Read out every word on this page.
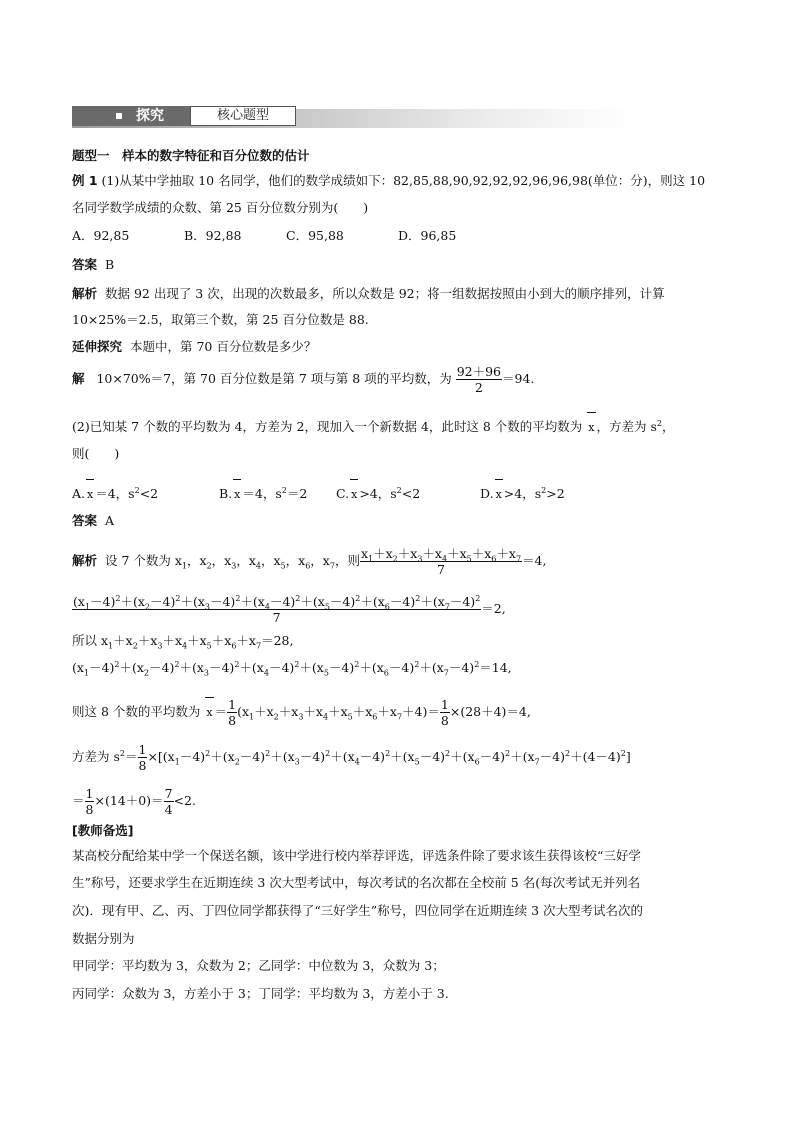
探究	核心题型
题型一　样本的数字特征和百分位数的估计
例 1 (1)从某中学抽取 10 名同学，他们的数学成绩如下：82,85,88,90,92,92,92,96,96,98(单位：分)，则这 10
名同学数学成绩的众数、第 25 百分位数分别为(　　)
A．92,85	B．92,88	C．95,88	D．96,85
答案 B
解析 数据 92 出现了 3 次，出现的次数最多，所以众数是 92；将一组数据按照由小到大的顺序排列，计算
10×25%＝2.5，取第三个数，第 25 百分位数是 88.
延伸探究 本题中，第 70 百分位数是多少？
解 10×70%＝7，第 70 百分位数是第 7 项与第 8 项的平均数，为 $\frac{92+96}{2} =94$.
(2)已知某 7 个数的平均数为 4，方差为 2，现加入一个新数据 4，此时这 8 个数的平均数为 x ，方差为 $s^2$，
则(　　)
A. x ＝4，$s^2<2$	B. x ＝4，$s^2=2$ C. x >4，$s^2<2$	D. x >4，$s^2>2$
答案 A
解析 设 7 个数为 $x_1$，$x_2$，$x_3$，$x_4$，$x_5$，$x_6$，$x_7$，则 $\frac{x_1+x_2+x_3+x_4+x_5+x_6+x_7}{7} =4$,
$\frac{(x_1-4)^2+(x_2-4)^2+(x_3-4)^2+(x_4-4)^2+(x_5-4)^2+(x_6-4)^2+(x_7-4)^2}{7} =2$,
所以 $x_1+x_2+x_3+x_4+x_5+x_6+x_7=28$,
$(x_1-4)^2+(x_2-4)^2+(x_3-4)^2+(x_4-4)^2+(x_5-4)^2+(x_6-4)^2+(x_7-4)^2=14$,
则这 8 个数的平均数为 $x = \frac{1}{8} (x_1+x_2+x_3+x_4+x_5+x_6+x_7+4)= \frac{1}{8} \times(28+4)=4$,
方差为 $s^2= \frac{1}{8} \times[(x_1-4)^2+(x_2-4)^2+(x_3-4)^2+(x_4-4)^2+(x_5-4)^2+(x_6-4)^2+(x_7-4)^2+(4-4)^2]$
＝ $\frac{1}{8} \times(14+0)= \frac{7}{4} <2$.
[教师备选]
某高校分配给某中学一个保送名额，该中学进行校内举荐评选，评选条件除了要求该生获得该校“三好学
生”称号，还要求学生在近期连续 3 次大型考试中，每次考试的名次都在全校前 5 名(每次考试无并列名
次)．现有甲、乙、丙、丁四位同学都获得了“三好学生”称号，四位同学在近期连续 3 次大型考试名次的
数据分别为
甲同学：平均数为 3，众数为 2；乙同学：中位数为 3，众数为 3；
丙同学：众数为 3，方差小于 3；丁同学：平均数为 3，方差小于 3.
